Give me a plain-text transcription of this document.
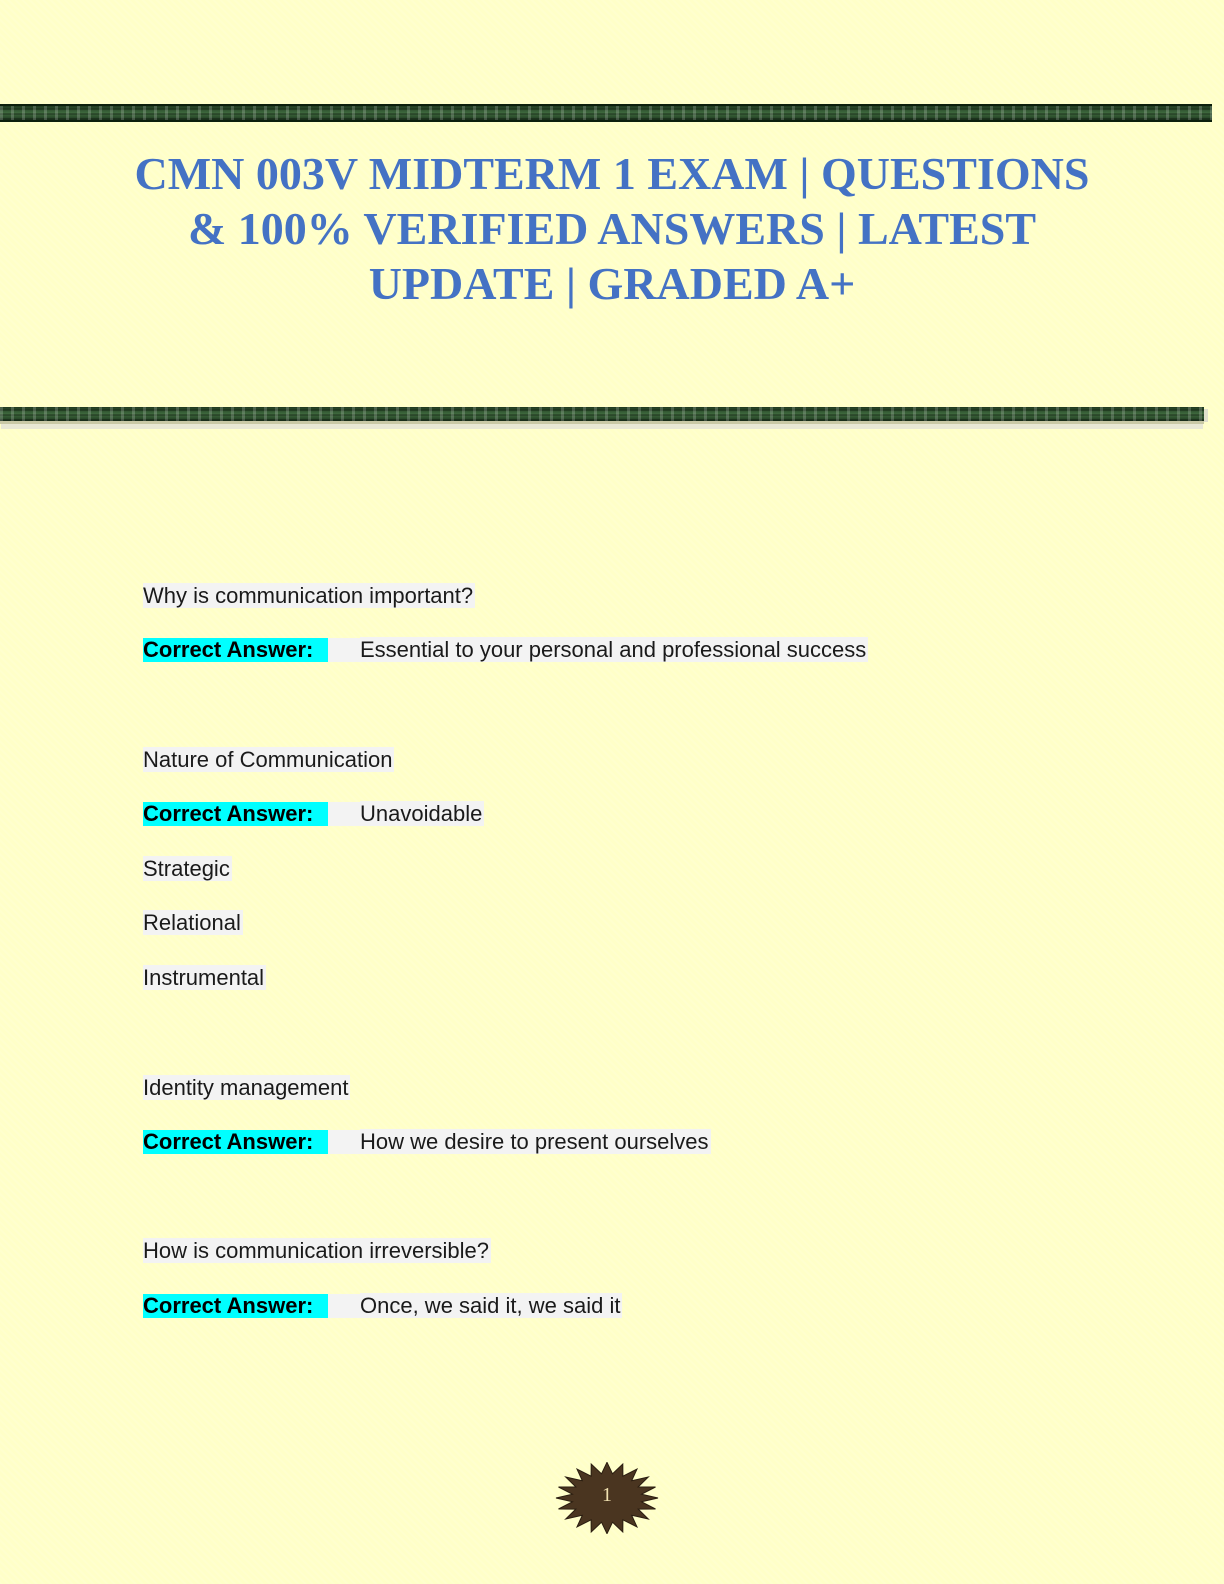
CMN 003V MIDTERM 1 EXAM | QUESTIONS & 100% VERIFIED ANSWERS | LATEST UPDATE | GRADED A+
Why is communication important?
Correct Answer: Essential to your personal and professional success
Nature of Communication
Correct Answer: Unavoidable
Strategic
Relational
Instrumental
Identity management
Correct Answer: How we desire to present ourselves
How is communication irreversible?
Correct Answer: Once, we said it, we said it
1
